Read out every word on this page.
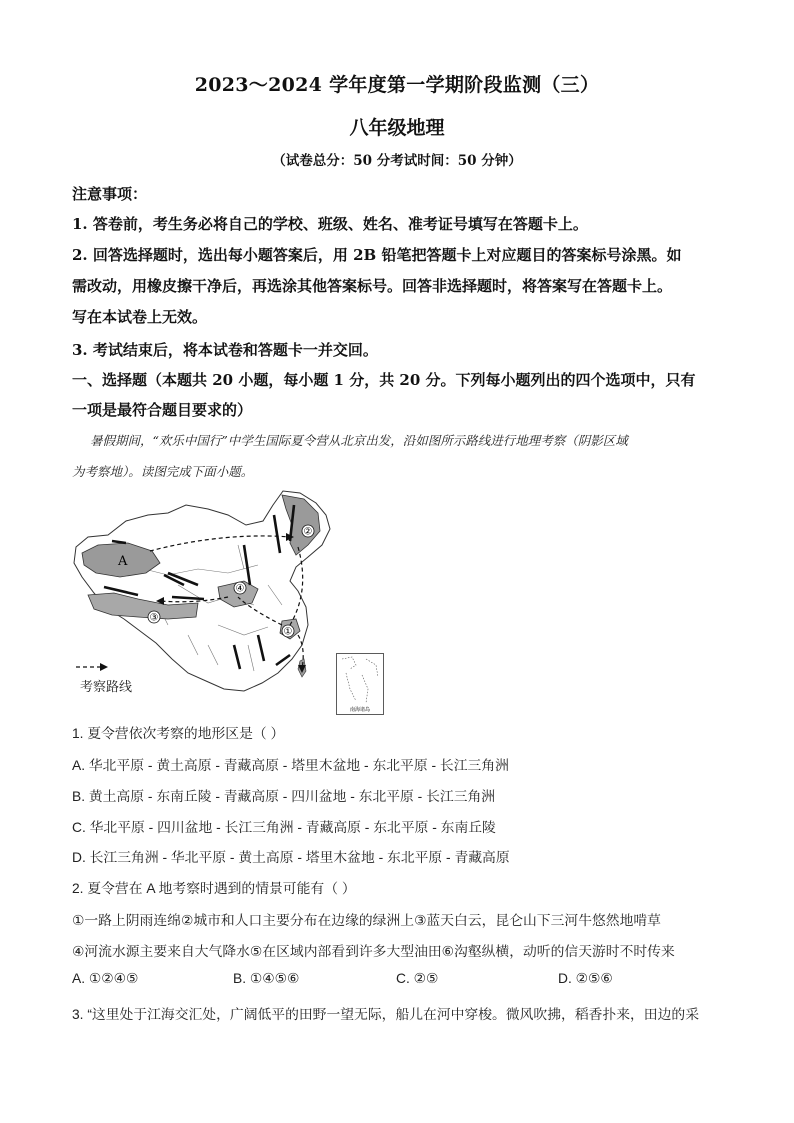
2023～2024 学年度第一学期阶段监测（三）
八年级地理
（试卷总分：50 分考试时间：50 分钟）
注意事项：
1. 答卷前，考生务必将自己的学校、班级、姓名、准考证号填写在答题卡上。
2. 回答选择题时，选出每小题答案后，用 2B 铅笔把答题卡上对应题目的答案标号涂黑。如
需改动，用橡皮擦干净后，再选涂其他答案标号。回答非选择题时，将答案写在答题卡上。
写在本试卷上无效。
3. 考试结束后，将本试卷和答题卡一并交回。
一、选择题（本题共 20 小题，每小题 1 分，共 20 分。下列每小题列出的四个选项中，只有
一项是最符合题目要求的）
暑假期间，“欢乐中国行”中学生国际夏令营从北京出发，沿如图所示路线进行地理考察（阴影区域
为考察地）。读图完成下面小题。
②
④
③
①
A
考察路线
南海诸岛
1. 夏令营依次考察的地形区是（ ）
A. 华北平原 - 黄土高原 - 青藏高原 - 塔里木盆地 - 东北平原 - 长江三角洲
B. 黄土高原 - 东南丘陵 - 青藏高原 - 四川盆地 - 东北平原 - 长江三角洲
C. 华北平原 - 四川盆地 - 长江三角洲 - 青藏高原 - 东北平原 - 东南丘陵
D. 长江三角洲 - 华北平原 - 黄土高原 - 塔里木盆地 - 东北平原 - 青藏高原
2. 夏令营在 A 地考察时遇到的情景可能有（ ）
①一路上阴雨连绵②城市和人口主要分布在边缘的绿洲上③蓝天白云，昆仑山下三河牛悠然地啃草
④河流水源主要来自大气降水⑤在区域内部看到许多大型油田⑥沟壑纵横，动听的信天游时不时传来
A. ①②④⑤	B. ①④⑤⑥	C. ②⑤	D. ②⑤⑥
3. “这里处于江海交汇处，广阔低平的田野一望无际，船儿在河中穿梭。微风吹拂，稻香扑来，田边的采
